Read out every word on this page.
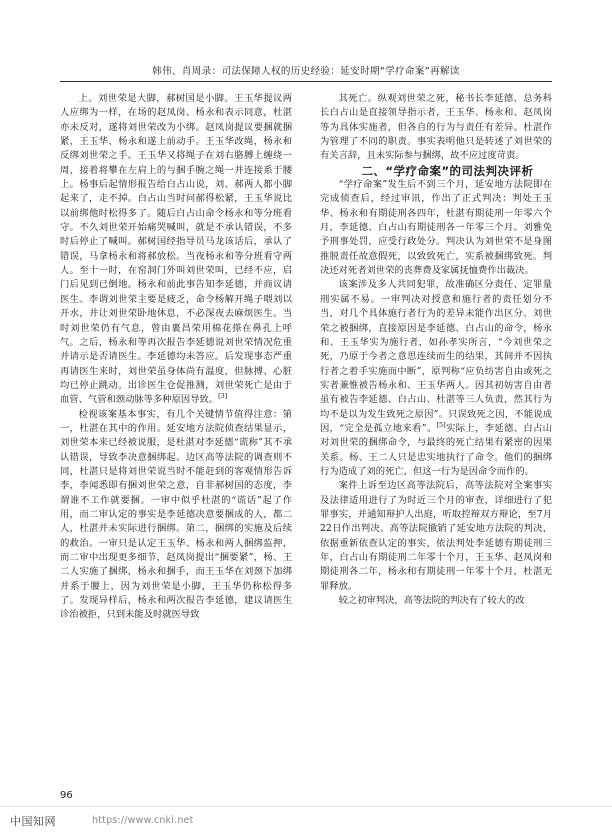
韩伟、肖周录：司法保障人权的历史经验：延安时期“学疗命案”再解读

上。刘世荣是大脚，郝树国是小脚。王玉华提议两人应绑为一样，在场的赵凤岗、杨永和表示同意，杜湛亦未反对，遂将刘世荣改为小绑。赵凤岗提议要捆就捆紧，王玉华、杨永和遂上前动手。王玉华改绳，杨永和反绑刘世荣之手。王玉华又将绳子在刘右胳膊上缠绕一周，接着将攀在左肩上的与捆手腕之绳一并连接系于腰上。杨事后起情形报告给白占山说，刘、郝两人都小脚起来了，走不掉。白占山当时问郝得松紧，王玉华说比以前绑他时松得多了。随后白占山命令杨永和等分班看守。不久刘世荣开始痛哭喊叫，就是不承认错误，不多时后停止了喊叫。郝树国经指导员马龙该话后，承认了错误，马拿杨永和将郝放松。当夜杨永和等分班看守两人。至十一时，在窑洞门外叫刘世荣叫，已经不应，启门后见到已倒地。杨永和前此事告知李延德，并商议请医生。李谓刘世荣主要是疲乏，命令杨解开绳子喂刘以开水，并让刘世荣卧地休息，不必深夜去麻烦医生。当时刘世荣仍有气息，曾由裹昌荣用棉花搽在鼻孔上呼气。之后，杨永和等再次报告李延德说刘世荣情况危重并请示是否请医生。李延德均未答应。后发现事态严重再请医生来时，刘世荣虽身体尚有温度，但脉搏、心脏均已停止跳动。出诊医生仓促推测，刘世荣死亡是由于血管、气管和颈动脉等多种原因导致。[3]

检视该案基本事实，有几个关键情节值得注意：第一，杜湛在其中的作用。延安地方法院侦查结果显示，刘世荣本来已经被说服，是杜湛对李延德“谎称”其不承认错误，导致李决意捆绑起。边区高等法院的调查则不同，杜湛只是将刘世荣说当时不能赶到的客观情形告诉李，李闻悉即有捆刘世荣之意，自非郝树国的态度，李谓谁不工作就要捆。一审中似乎杜湛的“谎话”起了作用，而二审认定的事实是李延德决意要捆成的人，都二人，杜湛并未实际进行捆绑。第二，捆绑的实施及后续的救治。一审只是认定王玉华、杨永和两人捆绑监押，而二审中出现更多细节，赵凤岗提出“捆要紧”，杨、王二人实施了捆绑，杨永和捆手，而王玉华在刘颈下加绑并系于腰上，因为刘世荣是小脚，王玉华仍称松得多了。发现异样后，杨永和两次报告李延德，建议请医生诊治被拒，只到未能及时就医导致

其死亡。纵观刘世荣之死，秘书长李延德、总务科长白占山是直接领导指示者，王玉华、杨永和、赵凤岗等为具体实施者，但各自的行为与责任有差异。杜湛作为管理了不同的职责。事实表明他只是转述了刘世荣的有关言辞，且未实际参与捆绑，故不应过度苛责。

二、“学疗命案”的司法判决评析

“学疗命案”发生后不到三个月，延安地方法院即在完成侦查后，经过审讯，作出了正式判决：判处王玉华、杨永和有期徒刑各四年，杜湛有期徒刑一年零六个月，李延德、白占山有期徒刑各一年零三个月。刘雅免予刑事处罚，应受行政处分。判决认为刘世荣不是身图推脱责任故意假死，以致致死亡，实系被捆绑致死。判决还对死者刘世荣的丧葬费及家属抚恤费作出裁决。

该案涉及多人共同犯罪，故准确区分责任、定罪量刑实属不易。一审判决对授意和施行者的责任划分不当，对几个具体施行者行为的差异未能作出区分。刘世荣之被捆绑，直接原因是李延德、白占山的命令，杨永和、王玉华实为施行者，如孙孝实所言，“今刘世荣之死，乃原于今者之意思连续而生的结果，其间并不因执行者之着手实施而中断”，原判称“应负纺害自由或死之实者兼惟被告杨永和、王玉华两人。因其初妨害自由者虽有被告李延德、白占山、杜湛等三人负责，然其行为均不是以为发生致死之原因”。只误致死之因，不能说成因，“完全是孤立地来看”。[5]实际上，李延德、白占山对刘世荣的捆绑命令，与最终的死亡结果有紧密的因果关系。杨、王二人只是忠实地执行了命令。他们的捆绑行为造成了刘的死亡，但这一行为是因命令而作的。

案件上诉至边区高等法院后，高等法院对全案事实及法律适用进行了为时近三个月的审查，详细进行了犯罪事实，并通知辩护人出庭，听取控辩双方辩论，至7月22日作出判决。高等法院撤销了延安地方法院的判决，依据重新依查认定的事实，依法判处李延德有期徒刑三年，白占山有期徒刑二年零十个月，王玉华、赵凤岗和期徒刑各二年，杨永和有期徒刑一年零十个月，杜湛无罪释放。

较之初审判决，高等法院的判决有了较大的改

96
中国知网	https://www.cnki.net
